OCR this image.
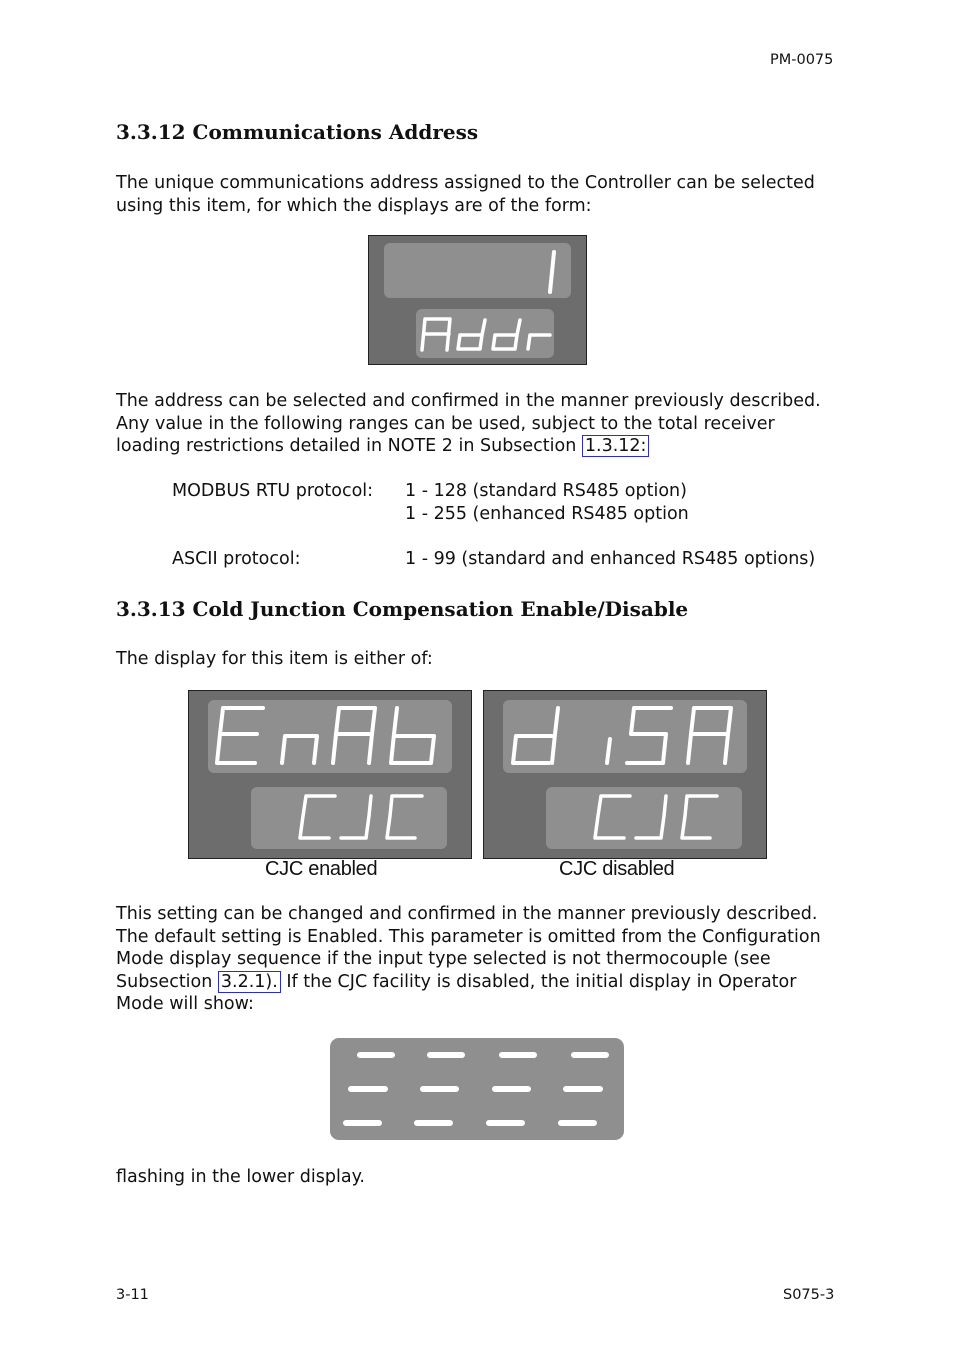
PM-0075
3.3.12 Communications Address
The unique communications address assigned to the Controller can be selected
using this item, for which the displays are of the form:
The address can be selected and confirmed in the manner previously described.
Any value in the following ranges can be used, subject to the total receiver
loading restrictions detailed in NOTE 2 in Subsection 1.3.12:
MODBUS RTU protocol: 1 - 128 (standard RS485 option)
1 - 255 (enhanced RS485 option
ASCII protocol:	1 - 99 (standard and enhanced RS485 options)
3.3.13 Cold Junction Compensation Enable/Disable
The display for this item is either of:
CJC enabled	CJC disabled
This setting can be changed and confirmed in the manner previously described.
The default setting is Enabled. This parameter is omitted from the Configuration
Mode display sequence if the input type selected is not thermocouple (see
Subsection 3.2.1). If the CJC facility is disabled, the initial display in Operator
Mode will show:
flashing in the lower display.
3-11	S075-3
